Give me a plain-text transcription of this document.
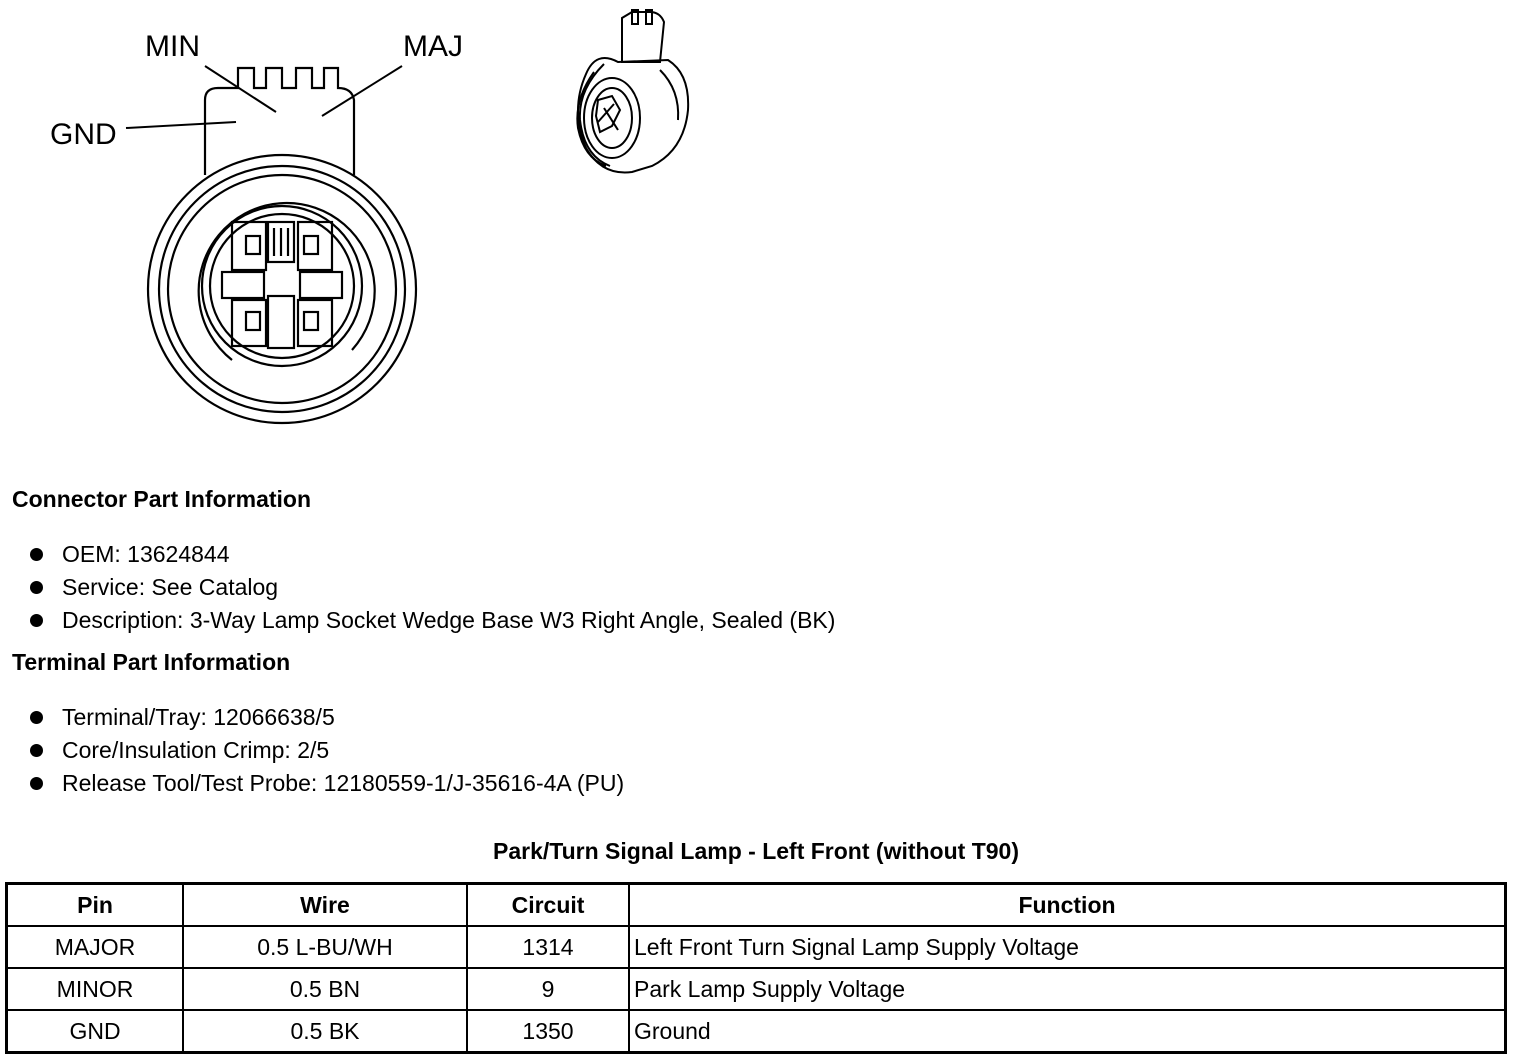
MIN	MAJ
GND
Connector Part Information
OEM: 13624844
Service: See Catalog
Description: 3-Way Lamp Socket Wedge Base W3 Right Angle, Sealed (BK)
Terminal Part Information
Terminal/Tray: 12066638/5
Core/Insulation Crimp: 2/5
Release Tool/Test Probe: 12180559-1/J-35616-4A (PU)
Park/Turn Signal Lamp - Left Front (without T90)
Pin	Wire	Circuit	Function
MAJOR	0.5 L-BU/WH	1314	Left Front Turn Signal Lamp Supply Voltage
MINOR	0.5 BN	9	Park Lamp Supply Voltage
GND	0.5 BK	1350	Ground
